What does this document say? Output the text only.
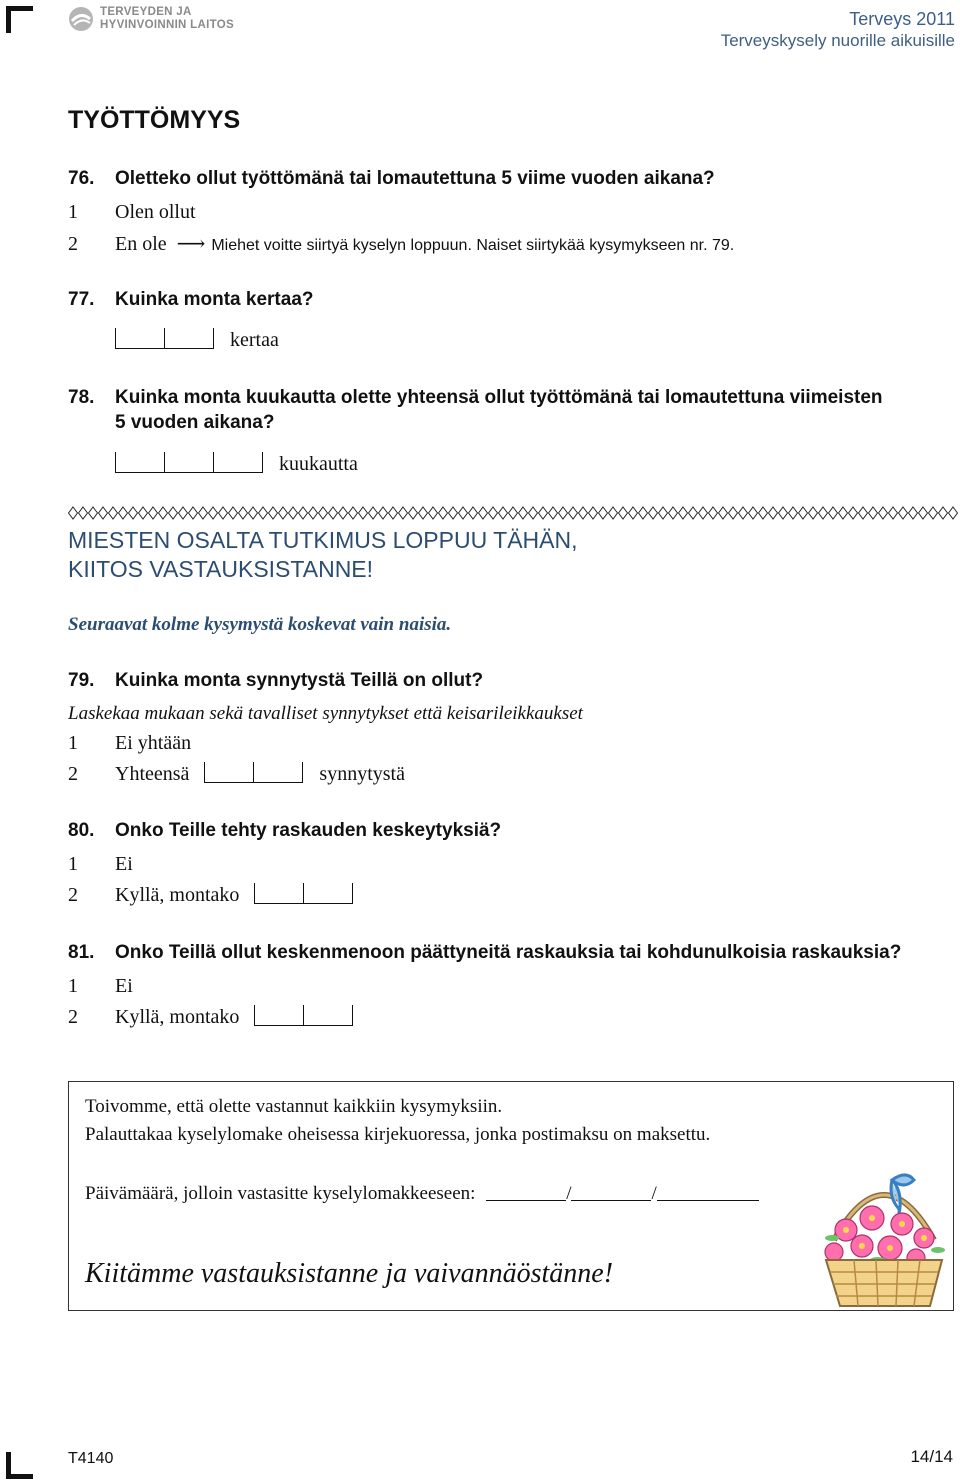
TERVEYDEN JA
HYVINVOINNIN LAITOS	Terveys 2011
Terveyskysely nuorille aikuisille
TYÖTTÖMYYS
76. Oletteko ollut työttömänä tai lomautettuna 5 viime vuoden aikana?
1 Olen ollut
2 En ole ⟶ Miehet voitte siirtyä kyselyn loppuun. Naiset siirtykää kysymykseen nr. 79.
77. Kuinka monta kertaa?
kertaa
78. Kuinka monta kuukautta olette yhteensä ollut työttömänä tai lomautettuna viimeisten
5 vuoden aikana?
kuukautta
MIESTEN OSALTA TUTKIMUS LOPPUU TÄHÄN,
KIITOS VASTAUKSISTANNE!
Seuraavat kolme kysymystä koskevat vain naisia.
79. Kuinka monta synnytystä Teillä on ollut?
Laskekaa mukaan sekä tavalliset synnytykset että keisarileikkaukset
1 Ei yhtään
2 Yhteensä	synnytystä
80. Onko Teille tehty raskauden keskeytyksiä?
1 Ei
2 Kyllä, montako
81. Onko Teillä ollut keskenmenoon päättyneitä raskauksia tai kohdunulkoisia raskauksia?
1 Ei
2 Kyllä, montako
Toivomme, että olette vastannut kaikkiin kysymyksiin.
Palauttakaa kyselylomake oheisessa kirjekuoressa, jonka postimaksu on maksettu.
Päivämäärä, jolloin vastasitte kyselylomakkeeseen:	/	/
Kiitämme vastauksistanne ja vaivannäöstänne!
T4140	14/14
